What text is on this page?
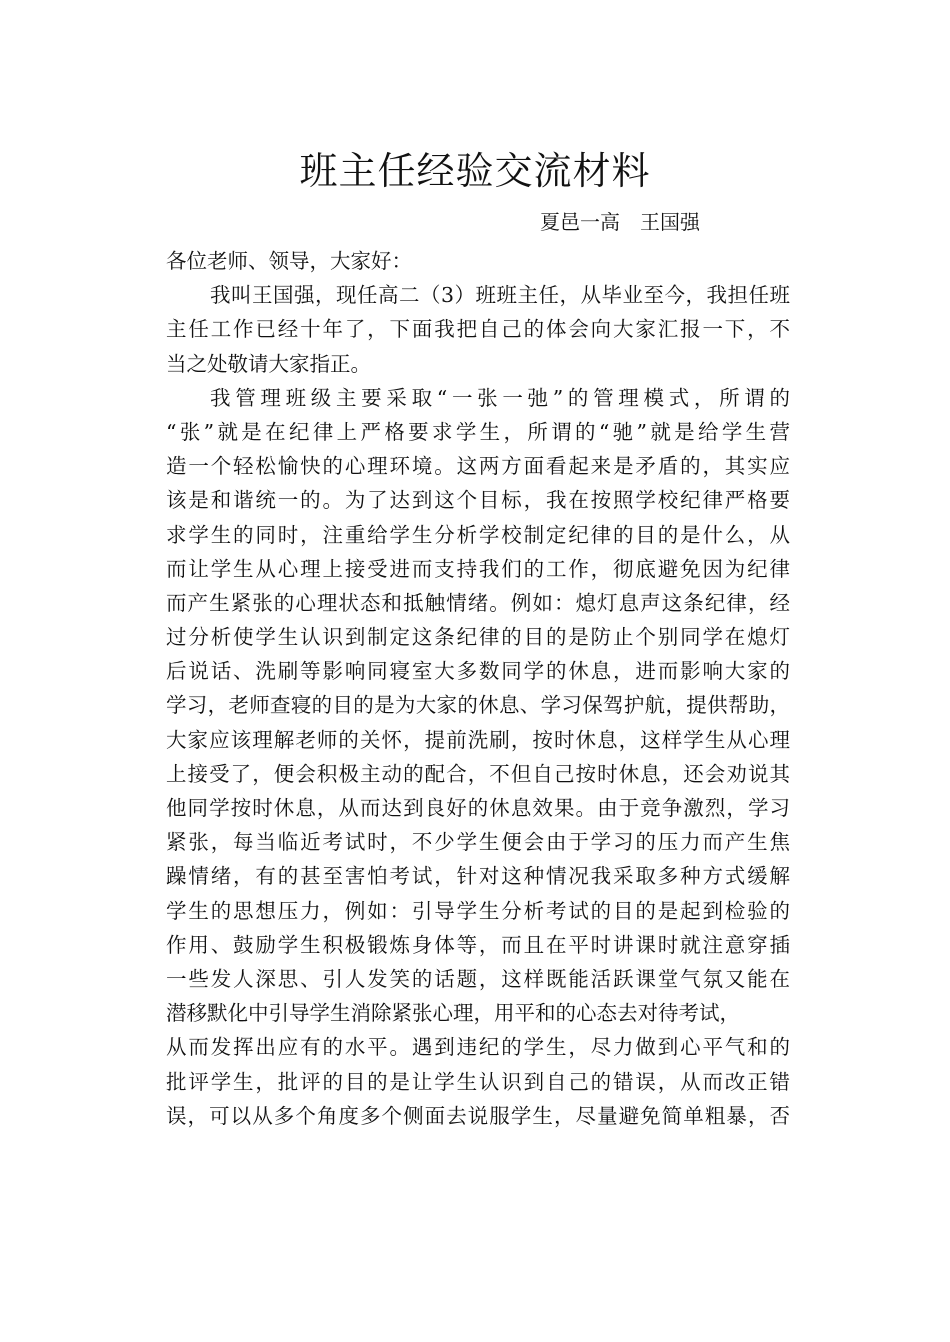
班主任经验交流材料
夏邑一高　王国强
各位老师、领导，大家好：
我叫王国强，现任高二（3）班班主任，从毕业至今，我担任班
主任工作已经十年了，下面我把自己的体会向大家汇报一下，不
当之处敬请大家指正。
我管理班级主要采取“一张一弛”的管理模式，所谓的
“张”就是在纪律上严格要求学生，所谓的“驰”就是给学生营
造一个轻松愉快的心理环境。这两方面看起来是矛盾的，其实应
该是和谐统一的。为了达到这个目标，我在按照学校纪律严格要
求学生的同时，注重给学生分析学校制定纪律的目的是什么，从
而让学生从心理上接受进而支持我们的工作，彻底避免因为纪律
而产生紧张的心理状态和抵触情绪。例如：熄灯息声这条纪律，经
过分析使学生认识到制定这条纪律的目的是防止个别同学在熄灯
后说话、洗刷等影响同寝室大多数同学的休息，进而影响大家的
学习，老师查寝的目的是为大家的休息、学习保驾护航，提供帮助，
大家应该理解老师的关怀，提前洗刷，按时休息，这样学生从心理
上接受了，便会积极主动的配合，不但自己按时休息，还会劝说其
他同学按时休息，从而达到良好的休息效果。由于竞争激烈，学习
紧张，每当临近考试时，不少学生便会由于学习的压力而产生焦
躁情绪，有的甚至害怕考试，针对这种情况我采取多种方式缓解
学生的思想压力，例如：引导学生分析考试的目的是起到检验的
作用、鼓励学生积极锻炼身体等，而且在平时讲课时就注意穿插
一些发人深思、引人发笑的话题，这样既能活跃课堂气氛又能在
潜移默化中引导学生消除紧张心理，用平和的心态去对待考试，
从而发挥出应有的水平。遇到违纪的学生，尽力做到心平气和的
批评学生，批评的目的是让学生认识到自己的错误，从而改正错
误，可以从多个角度多个侧面去说服学生，尽量避免简单粗暴，否
